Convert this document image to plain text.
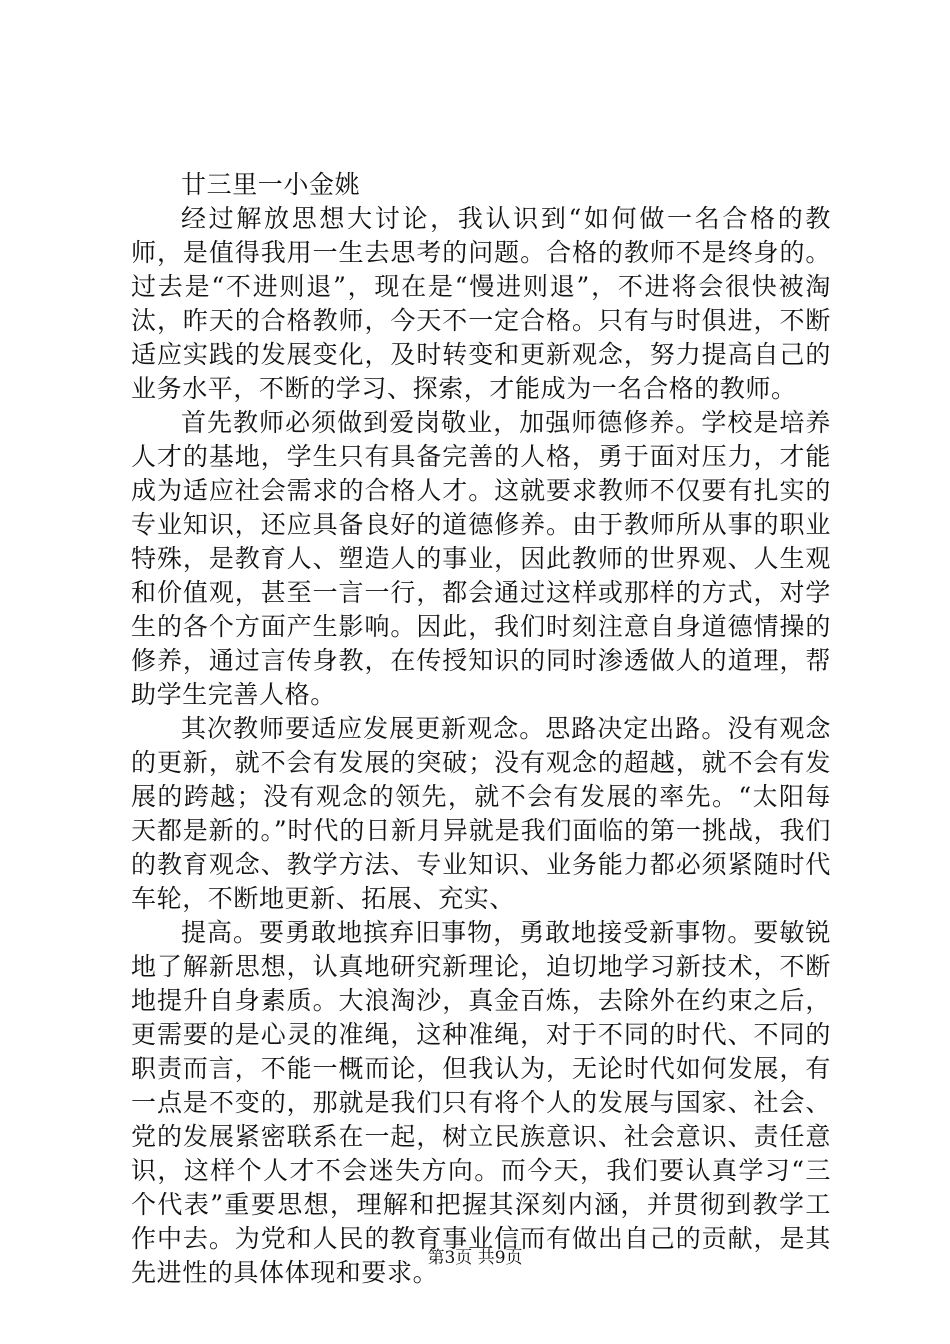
廿三里一小金姚

经过解放思想大讨论，我认识到“如何做一名合格的教师，是值得我用一生去思考的问题。合格的教师不是终身的。过去是“不进则退”，现在是“慢进则退”，不进将会很快被淘汰，昨天的合格教师，今天不一定合格。只有与时俱进，不断适应实践的发展变化，及时转变和更新观念，努力提高自己的业务水平，不断的学习、探索，才能成为一名合格的教师。

首先教师必须做到爱岗敬业，加强师德修养。学校是培养人才的基地，学生只有具备完善的人格，勇于面对压力，才能成为适应社会需求的合格人才。这就要求教师不仅要有扎实的专业知识，还应具备良好的道德修养。由于教师所从事的职业特殊，是教育人、塑造人的事业，因此教师的世界观、人生观和价值观，甚至一言一行，都会通过这样或那样的方式，对学生的各个方面产生影响。因此，我们时刻注意自身道德情操的修养，通过言传身教，在传授知识的同时渗透做人的道理，帮助学生完善人格。

其次教师要适应发展更新观念。思路决定出路。没有观念的更新，就不会有发展的突破；没有观念的超越，就不会有发展的跨越；没有观念的领先，就不会有发展的率先。“太阳每天都是新的。”时代的日新月异就是我们面临的第一挑战，我们的教育观念、教学方法、专业知识、业务能力都必须紧随时代车轮，不断地更新、拓展、充实、

提高。要勇敢地摈弃旧事物，勇敢地接受新事物。要敏锐地了解新思想，认真地研究新理论，迫切地学习新技术，不断地提升自身素质。大浪淘沙，真金百炼，去除外在约束之后，更需要的是心灵的准绳，这种准绳，对于不同的时代、不同的职责而言，不能一概而论，但我认为，无论时代如何发展，有一点是不变的，那就是我们只有将个人的发展与国家、社会、党的发展紧密联系在一起，树立民族意识、社会意识、责任意识，这样个人才不会迷失方向。而今天，我们要认真学习“三个代表”重要思想，理解和把握其深刻内涵，并贯彻到教学工作中去。为党和人民的教育事业信而有做出自己的贡献，是其先进性的具体体现和要求。

第3页 共9页
